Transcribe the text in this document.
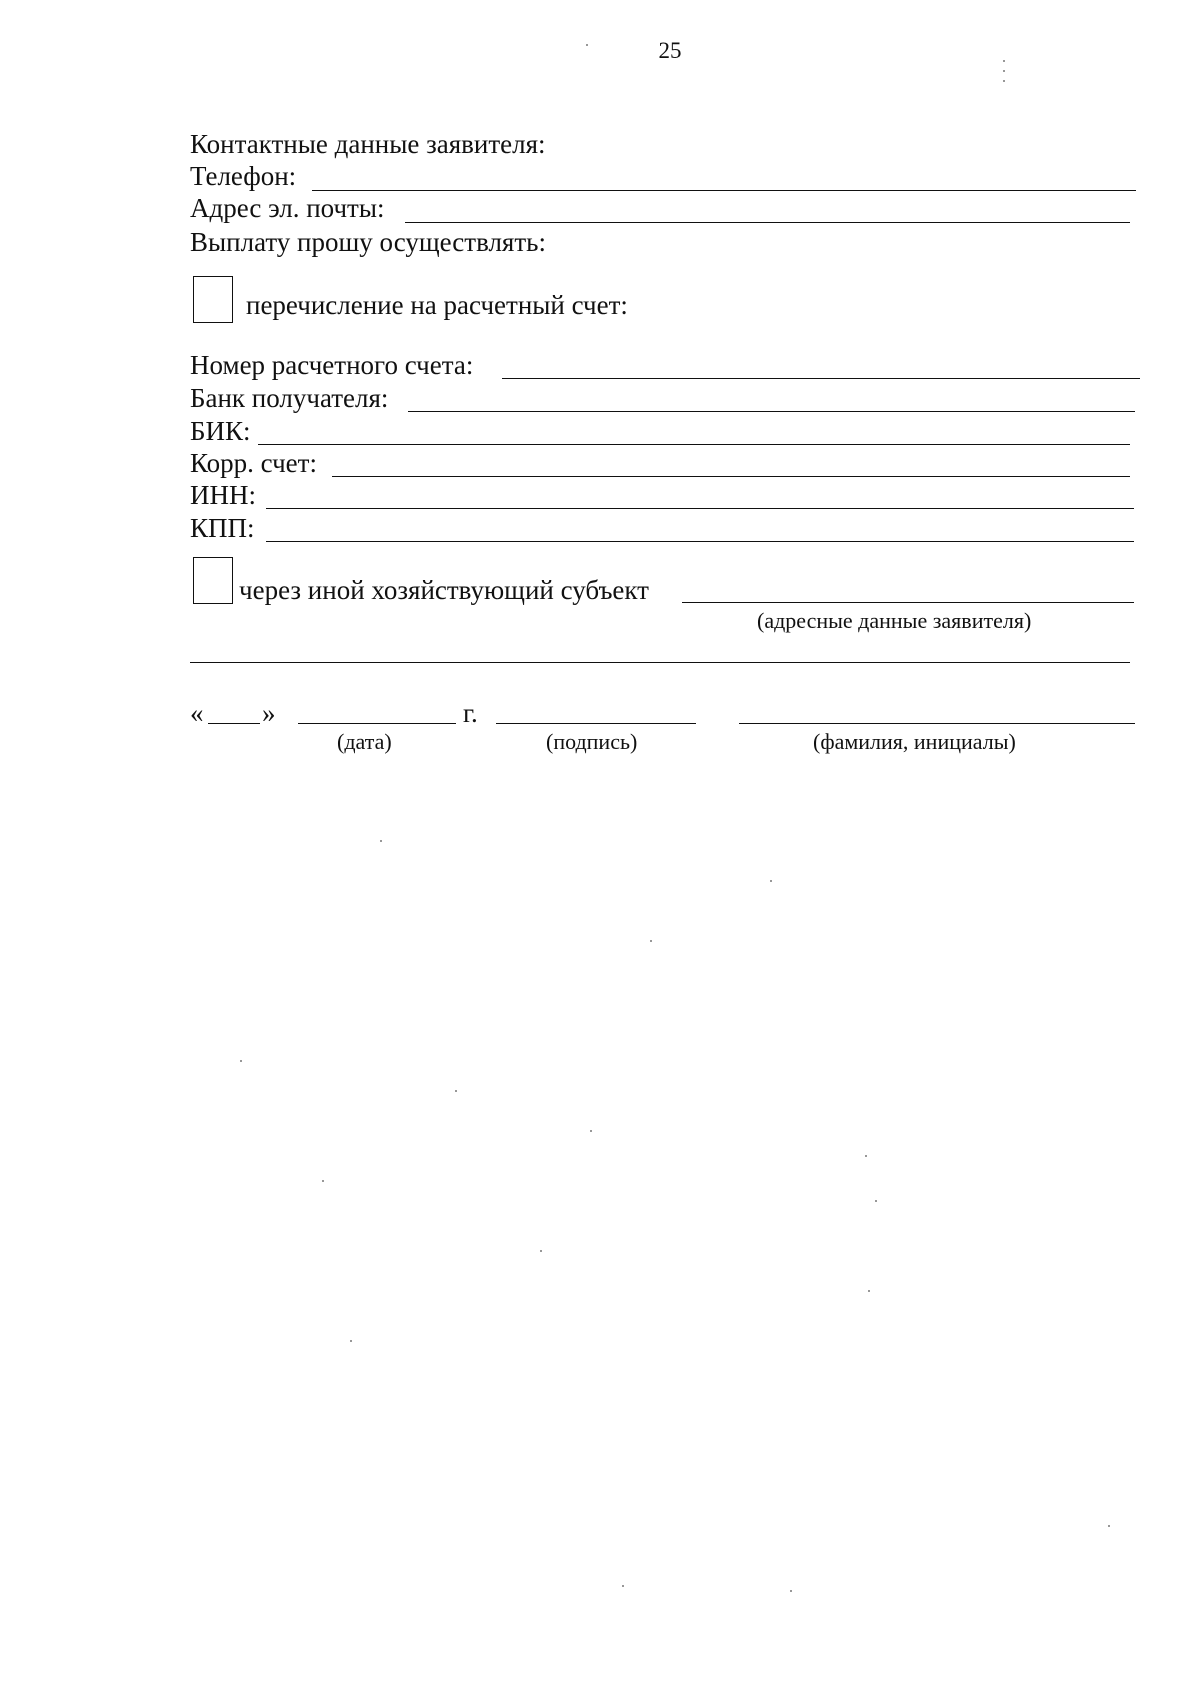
25
Контактные данные заявителя:
Телефон:
Адрес эл. почты:
Выплату прошу осуществлять:
перечисление на расчетный счет:
Номер расчетного счета:
Банк получателя:
БИК:
Корр. счет:
ИНН:
КПП:
через иной хозяйствующий субъект
(адресные данные заявителя)
« »	г.
(дата)	(подпись)	(фамилия, инициалы)
